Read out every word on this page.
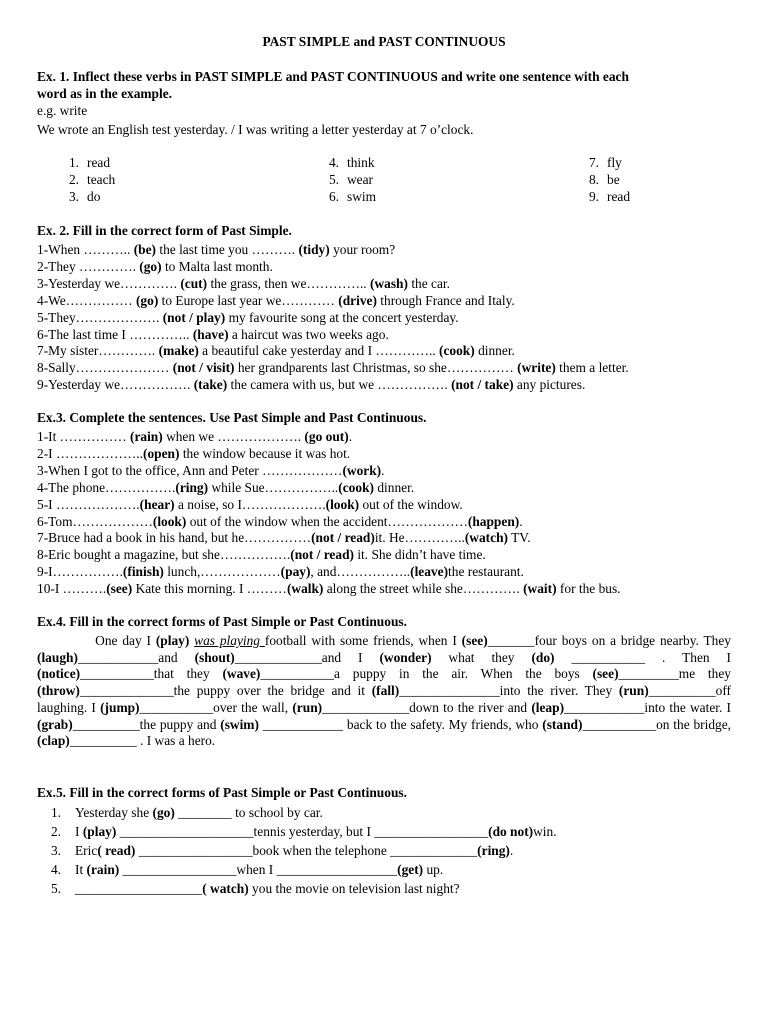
PAST SIMPLE and PAST CONTINUOUS
Ex. 1. Inflect these verbs in PAST SIMPLE and PAST CONTINUOUS and write one sentence with each
word as in the example.
e.g. write
We wrote an English test yesterday. / I was writing a letter yesterday at 7 o’clock.
1. read
2. teach
3. do
4. think
5. wear
6. swim
7. fly
8. be
9. read
Ex. 2. Fill in the correct form of Past Simple.
1-When ……….. (be) the last time you ………. (tidy) your room?
2-They …………. (go) to Malta last month.
3-Yesterday we…………. (cut) the grass, then we………….. (wash) the car.
4-We…………… (go) to Europe last year we………… (drive) through France and Italy.
5-They………………. (not / play) my favourite song at the concert yesterday.
6-The last time I ………….. (have) a haircut was two weeks ago.
7-My sister…………. (make) a beautiful cake yesterday and I ………….. (cook) dinner.
8-Sally………………… (not / visit) her grandparents last Christmas, so she…………… (write) them a letter.
9-Yesterday we……………. (take) the camera with us, but we ……………. (not / take) any pictures.
Ex.3. Complete the sentences. Use Past Simple and Past Continuous.
1-It …………… (rain) when we ………………. (go out).
2-I ………………..(open) the window because it was hot.
3-When I got to the office, Ann and Peter ………………(work).
4-The phone…………….(ring) while Sue……………..(cook) dinner.
5-I ……………….(hear) a noise, so I……………….(look) out of the window.
6-Tom………………(look) out of the window when the accident………………(happen).
7-Bruce had a book in his hand, but he……………(not / read)it. He…………..(watch) TV.
8-Eric bought a magazine, but she…………….(not / read) it. She didn’t have time.
9-I…………….(finish) lunch,………………(pay), and……………..(leave)the restaurant.
10-I ……….(see) Kate this morning. I ………(walk) along the street while she…………. (wait) for the bus.
Ex.4. Fill in the correct forms of Past Simple or Past Continuous.
One day I (play) was playing football with some friends, when I (see)_______four boys on a bridge nearby. They (laugh)____________and (shout)_____________and I (wonder) what they (do) ___________ . Then I (notice)___________that they (wave)___________a puppy in the air. When the boys (see)_________me they (throw)______________the puppy over the bridge and it (fall)_______________into the river. They (run)__________off laughing. I (jump)___________over the wall, (run)_____________down to the river and (leap)____________into the water. I (grab)__________the puppy and (swim) ____________ back to the safety. My friends, who (stand)___________on the bridge, (clap)__________ . I was a hero.
Ex.5. Fill in the correct forms of Past Simple or Past Continuous.
1. Yesterday she (go) ________ to school by car.
2. I (play) ____________________tennis yesterday, but I _________________(do not)win.
3. Eric( read) _________________book when the telephone _____________(ring).
4. It (rain) _________________when I __________________(get) up.
5. ___________________( watch) you the movie on television last night?
